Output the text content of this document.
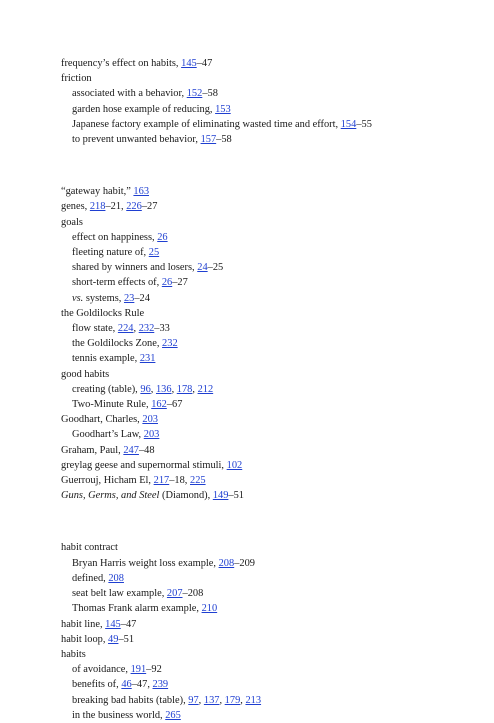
frequency’s effect on habits, 145–47
friction
associated with a behavior, 152–58
garden hose example of reducing, 153
Japanese factory example of eliminating wasted time and effort, 154–55
to prevent unwanted behavior, 157–58
“gateway habit,” 163
genes, 218–21, 226–27
goals
effect on happiness, 26
fleeting nature of, 25
shared by winners and losers, 24–25
short-term effects of, 26–27
vs. systems, 23–24
the Goldilocks Rule
flow state, 224, 232–33
the Goldilocks Zone, 232
tennis example, 231
good habits
creating (table), 96, 136, 178, 212
Two-Minute Rule, 162–67
Goodhart, Charles, 203
Goodhart’s Law, 203
Graham, Paul, 247–48
greylag geese and supernormal stimuli, 102
Guerrouj, Hicham El, 217–18, 225
Guns, Germs, and Steel (Diamond), 149–51
habit contract
Bryan Harris weight loss example, 208–209
defined, 208
seat belt law example, 207–208
Thomas Frank alarm example, 210
habit line, 145–47
habit loop, 49–51
habits
of avoidance, 191–92
benefits of, 46–47, 239
breaking bad habits (table), 97, 137, 179, 213
in the business world, 265
